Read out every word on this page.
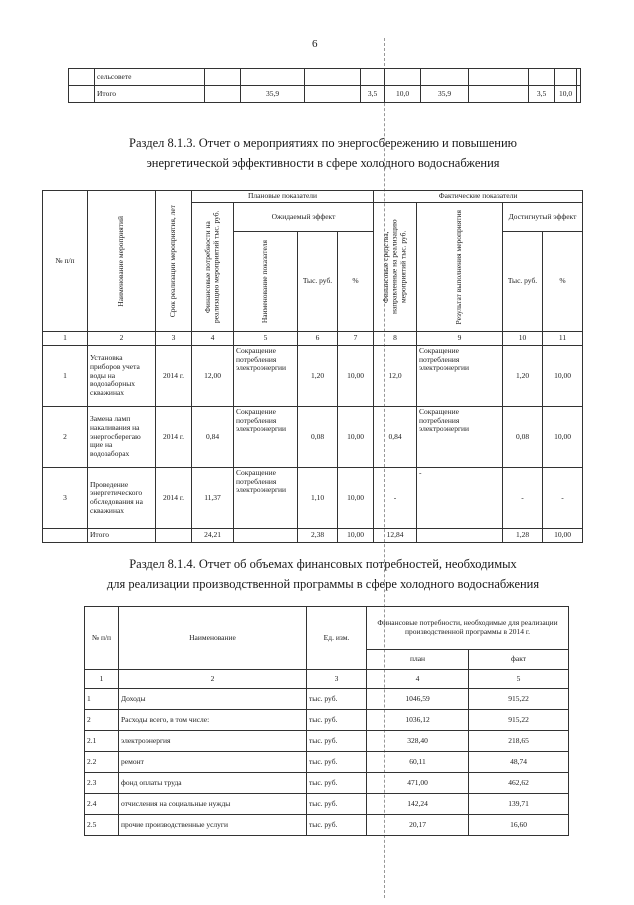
6
	сельсовете										
	Итого		35,9		3,5	10,0	35,9		3,5	10,0	
Раздел 8.1.3. Отчет о мероприятиях по энергосбережению и повышению
энергетической эффективности в сфере холодного водоснабжения
№ п/п	Наименование мероприятий	Срок реализации мероприятия, лет	Плановые показатели				Фактические показатели			

			Финансовые потребности на реализацию мероприятий тыс. руб.	Ожидаемый эффект			Финансовые средства, направленные на реализацию мероприятий тыс. руб.	Результат выполнения мероприятия	Достигнутый эффект	

				Наименование показателя	Тыс. руб.	%			Тыс. руб.	%
1	2	3	4	5	6	7	8	9	10	11
1	Установка приборов учета воды на водозаборных скважинах	2014 г.	12,00	Сокращение потребления электроэнергии	1,20	10,00	12,0	Сокращение потребления электроэнергии	1,20	10,00
2	Замена ламп накаливания на энергосберегаю щие на водозаборах	2014 г.	0,84	Сокращение потребления электроэнергии	0,08	10,00	0,84	Сокращение потребления электроэнергии	0,08	10,00
3	Проведение энергетического обследования на скважинах	2014 г.	11,37	Сокращение потребления электроэнергии	1,10	10,00	-	-	-	-
	Итого		24,21		2,38	10,00	12,84		1,28	10,00
Раздел 8.1.4. Отчет об объемах финансовых потребностей, необходимых
для реализации производственной программы в сфере холодного водоснабжения
№ п/п	Наименование	Ед. изм.	Финансовые потребности, необходимые для реализации производственной программы в 2014 г.	
			план	факт
1	2	3	4	5
1	Доходы	тыс. руб.	1046,59	915,22
2	Расходы всего, в том числе:	тыс. руб.	1036,12	915,22
2.1	электроэнергия	тыс. руб.	328,40	218,65
2.2	ремонт	тыс. руб.	60,11	48,74
2.3	фонд оплаты труда	тыс. руб.	471,00	462,62
2.4	отчисления на социальные нужды	тыс. руб.	142,24	139,71
2.5	прочие производственные услуги	тыс. руб.	20,17	16,60
